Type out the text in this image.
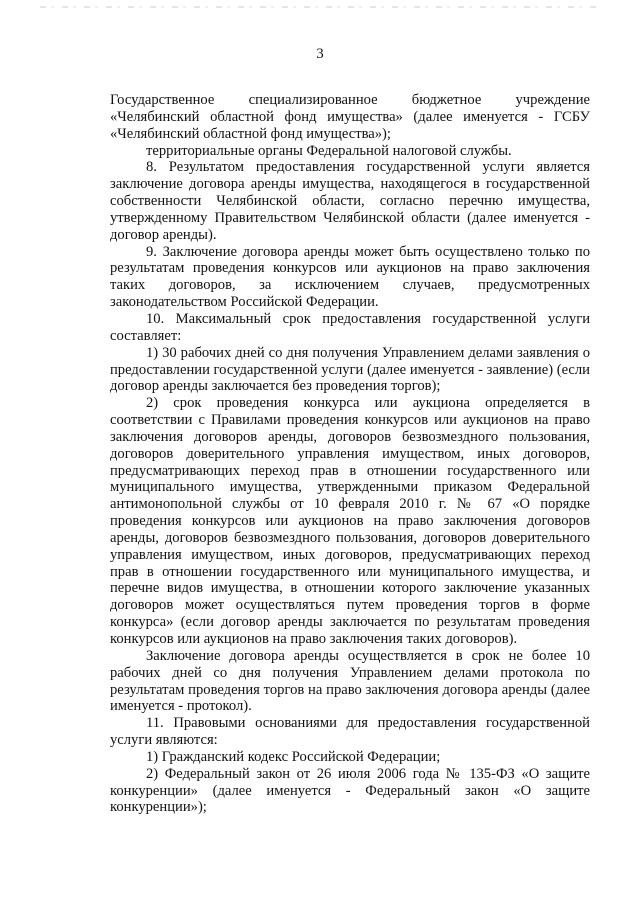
3

Государственное специализированное бюджетное учреждение «Челябинский областной фонд имущества» (далее именуется - ГСБУ «Челябинский областной фонд имущества»);

территориальные органы Федеральной налоговой службы.

8. Результатом предоставления государственной услуги является заключение договора аренды имущества, находящегося в государственной собственности Челябинской области, согласно перечню имущества, утвержденному Правительством Челябинской области (далее именуется - договор аренды).

9. Заключение договора аренды может быть осуществлено только по результатам проведения конкурсов или аукционов на право заключения таких договоров, за исключением случаев, предусмотренных законодательством Российской Федерации.

10. Максимальный срок предоставления государственной услуги составляет:

1) 30 рабочих дней со дня получения Управлением делами заявления о предоставлении государственной услуги (далее именуется - заявление) (если договор аренды заключается без проведения торгов);

2) срок проведения конкурса или аукциона определяется в соответствии с Правилами проведения конкурсов или аукционов на право заключения договоров аренды, договоров безвозмездного пользования, договоров доверительного управления имуществом, иных договоров, предусматривающих переход прав в отношении государственного или муниципального имущества, утвержденными приказом Федеральной антимонопольной службы от 10 февраля 2010 г. № 67 «О порядке проведения конкурсов или аукционов на право заключения договоров аренды, договоров безвозмездного пользования, договоров доверительного управления имуществом, иных договоров, предусматривающих переход прав в отношении государственного или муниципального имущества, и перечне видов имущества, в отношении которого заключение указанных договоров может осуществляться путем проведения торгов в форме конкурса» (если договор аренды заключается по результатам проведения конкурсов или аукционов на право заключения таких договоров).

Заключение договора аренды осуществляется в срок не более 10 рабочих дней со дня получения Управлением делами протокола по результатам проведения торгов на право заключения договора аренды (далее именуется - протокол).

11. Правовыми основаниями для предоставления государственной услуги являются:

1) Гражданский кодекс Российской Федерации;

2) Федеральный закон от 26 июля 2006 года № 135-ФЗ «О защите конкуренции» (далее именуется - Федеральный закон «О защите конкуренции»);
